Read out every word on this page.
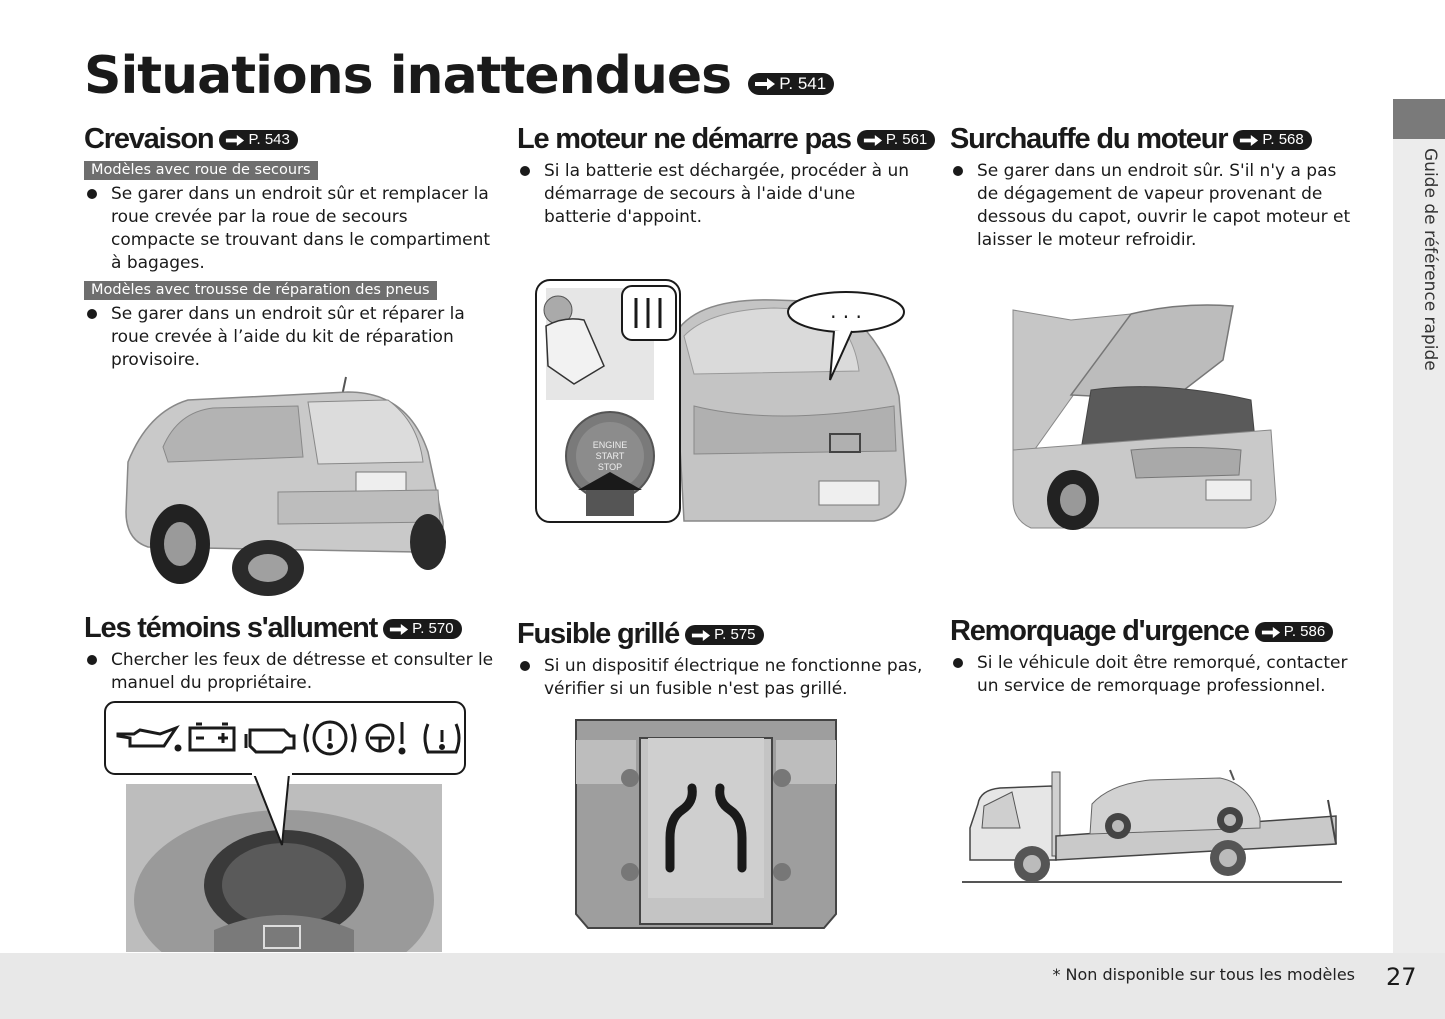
Situations inattendues	P. 541
Guide de référence rapide
Crevaison P. 543
Modèles avec roue de secours
Se garer dans un endroit sûr et remplacer la roue crevée par la roue de secours compacte se trouvant dans le compartiment à bagages.
Modèles avec trousse de réparation des pneus
Se garer dans un endroit sûr et réparer la roue crevée à l’aide du kit de réparation provisoire.
Le moteur ne démarre pas P. 561
Si la batterie est déchargée, procéder à un démarrage de secours à l'aide d'une batterie d'appoint.
. . .
ENGINE
START
STOP
Surchauffe du moteur P. 568
Se garer dans un endroit sûr. S'il n'y a pas de dégagement de vapeur provenant de dessous du capot, ouvrir le capot moteur et laisser le moteur refroidir.
Les témoins s'allument P. 570
Chercher les feux de détresse et consulter le manuel du propriétaire.
Fusible grillé P. 575
Si un dispositif électrique ne fonctionne pas, vérifier si un fusible n'est pas grillé.
Remorquage d'urgence P. 586
Si le véhicule doit être remorqué, contacter un service de remorquage professionnel.
* Non disponible sur tous les modèles 27
